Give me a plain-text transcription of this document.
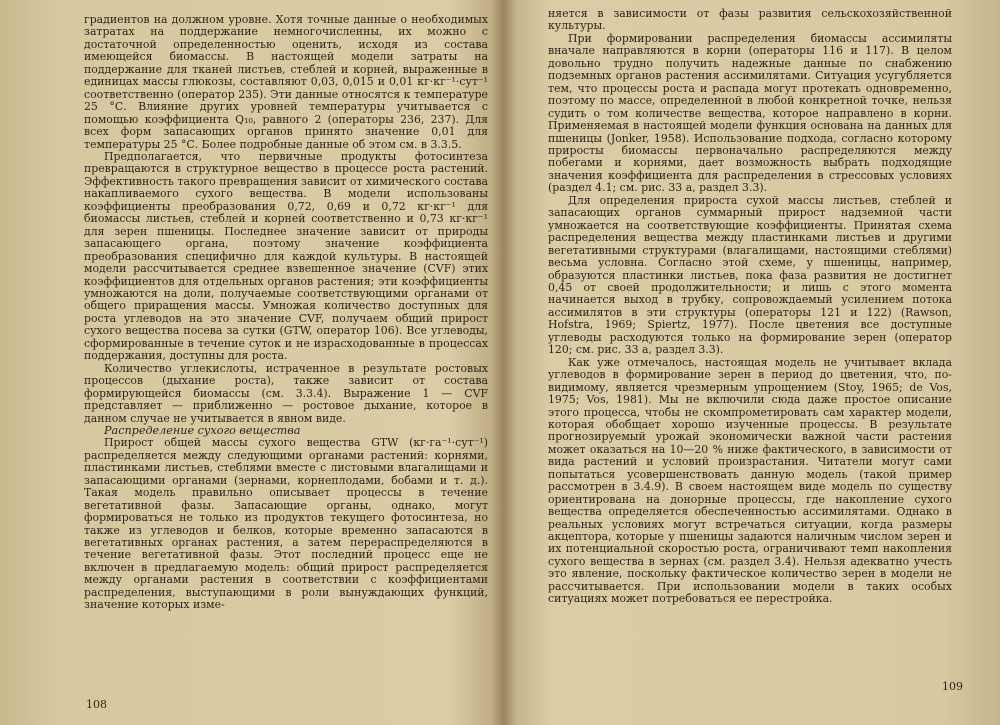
градиентов на должном уровне. Хотя точные данные о необходимых затратах на поддержание немногочисленны, их можно с достаточной определенностью оценить, исходя из состава имеющейся биомассы. В настоящей модели затраты на поддержание для тканей листьев, стеблей и корней, выраженные в единицах массы глюкозы, составляют 0,03, 0,015 и 0,01 кг·кг⁻¹·сут⁻¹ соответственно (оператор 235). Эти данные относятся к температуре 25 °С. Влияние других уровней температуры учитывается с помощью коэффициента Q₁₀, равного 2 (операторы 236, 237). Для всех форм запасающих органов принято значение 0,01 для температуры 25 °С. Более подробные данные об этом см. в 3.3.5.

Предполагается, что первичные продукты фотосинтеза превращаются в структурное вещество в процессе роста растений. Эффективность такого превращения зависит от химического состава накапливаемого сухого вещества. В модели использованы коэффициенты преобразования 0,72, 0,69 и 0,72 кг·кг⁻¹ для биомассы листьев, стеблей и корней соответственно и 0,73 кг·кг⁻¹ для зерен пшеницы. Последнее значение зависит от природы запасающего органа, поэтому значение коэффициента преобразования специфично для каждой культуры. В настоящей модели рассчитывается среднее взвешенное значение (CVF) этих коэффициентов для отдельных органов растения; эти коэффициенты умножаются на доли, получаемые соответствующими органами от общего приращения массы. Умножая количество доступных для роста углеводов на это значение CVF, получаем общий прирост сухого вещества посева за сутки (GTW, оператор 106). Все углеводы, сформированные в течение суток и не израсходованные в процессах поддержания, доступны для роста.

Количество углекислоты, истраченное в результате ростовых процессов (дыхание роста), также зависит от состава формирующейся биомассы (см. 3.3.4). Выражение 1 — CVF представляет — приближенно — ростовое дыхание, которое в данном случае не учитывается в явном виде.

Распределение сухого вещества

Прирост общей массы сухого вещества GTW (кг·га⁻¹·сут⁻¹) распределяется между следующими органами растений: корнями, пластинками листьев, стеблями вместе с листовыми влагалищами и запасающими органами (зернами, корнеплодами, бобами и т. д.). Такая модель правильно описывает процессы в течение вегетативной фазы. Запасающие органы, однако, могут формироваться не только из продуктов текущего фотосинтеза, но также из углеводов и белков, которые временно запасаются в вегетативных органах растения, а затем перераспределяются в течение вегетативной фазы. Этот последний процесс еще не включен в предлагаемую модель: общий прирост распределяется между органами растения в соответствии с коэффициентами распределения, выступающими в роли вынуждающих функций, значение которых изме-

108

няется в зависимости от фазы развития сельскохозяйственной культуры.

При формировании распределения биомассы ассимиляты вначале направляются в корни (операторы 116 и 117). В целом довольно трудно получить надежные данные по снабжению подземных органов растения ассимилятами. Ситуация усугубляется тем, что процессы роста и распада могут протекать одновременно, поэтому по массе, определенной в любой конкретной точке, нельзя судить о том количестве вещества, которое направлено в корни. Применяемая в настоящей модели функция основана на данных для пшеницы (Jonker, 1958). Использование подхода, согласно которому приросты биомассы первоначально распределяются между побегами и корнями, дает возможность выбрать подходящие значения коэффициента для распределения в стрессовых условиях (раздел 4.1; см. рис. 33 а, раздел 3.3).

Для определения прироста сухой массы листьев, стеблей и запасающих органов суммарный прирост надземной части умножается на соответствующие коэффициенты. Принятая схема распределения вещества между пластинками листьев и другими вегетативными структурами (влагалищами, настоящими стеблями) весьма условна. Согласно этой схеме, у пшеницы, например, образуются пластинки листьев, пока фаза развития не достигнет 0,45 от своей продолжительности; и лишь с этого момента начинается выход в трубку, сопровождаемый усилением потока ассимилятов в эти структуры (операторы 121 и 122) (Rawson, Hofstra, 1969; Spiertz, 1977). После цветения все доступные углеводы расходуются только на формирование зерен (оператор 120; см. рис. 33 а, раздел 3.3).

Как уже отмечалось, настоящая модель не учитывает вклада углеводов в формирование зерен в период до цветения, что, по-видимому, является чрезмерным упрощением (Stoy, 1965; de Vos, 1975; Vos, 1981). Мы не включили сюда даже простое описание этого процесса, чтобы не скомпрометировать сам характер модели, которая обобщает хорошо изученные процессы. В результате прогнозируемый урожай экономически важной части растения может оказаться на 10—20 % ниже фактического, в зависимости от вида растений и условий произрастания. Читатели могут сами попытаться усовершенствовать данную модель (такой пример рассмотрен в 3.4.9). В своем настоящем виде модель по существу ориентирована на донорные процессы, где накопление сухого вещества определяется обеспеченностью ассимилятами. Однако в реальных условиях могут встречаться ситуации, когда размеры акцептора, которые у пшеницы задаются наличным числом зерен и их потенциальной скоростью роста, ограничивают темп накопления сухого вещества в зернах (см. раздел 3.4). Нельзя адекватно учесть это явление, поскольку фактическое количество зерен в модели не рассчитывается. При использовании модели в таких особых ситуациях может потребоваться ее перестройка.

109
